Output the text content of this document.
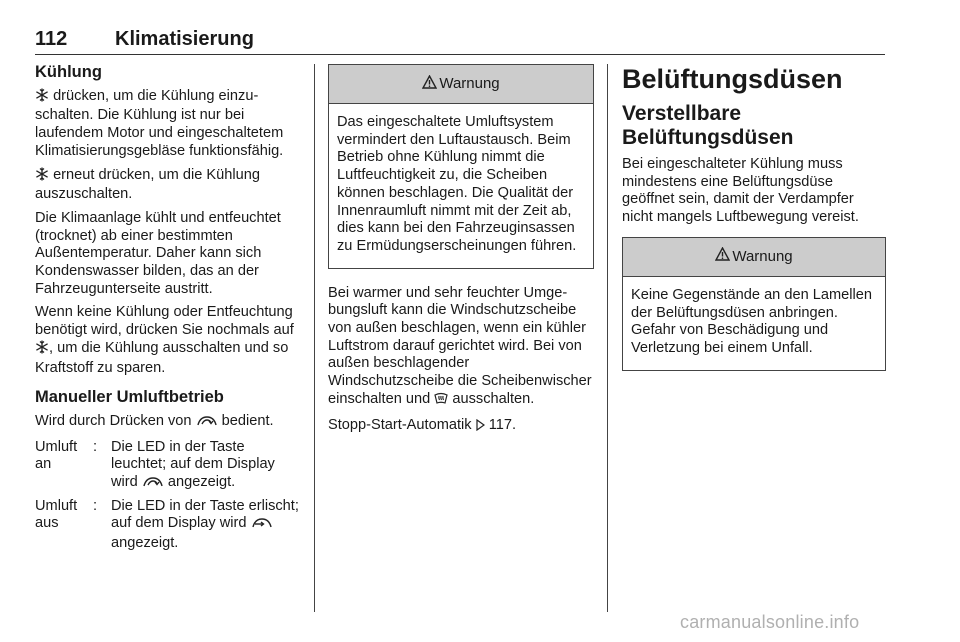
112 Klimatisierung
Kühlung

drücken, um die Kühlung einzuschalten. Die Kühlung ist nur bei laufendem Motor und eingeschaltetem Klimatisierungsgebläse funktionsfähig.

erneut drücken, um die Kühlung auszuschalten.

Die Klimaanlage kühlt und entfeuchtet (trocknet) ab einer bestimmten Außentemperatur. Daher kann sich Kondenswasser bilden, das an der Fahrzeugunterseite austritt.

Wenn keine Kühlung oder Entfeuchtung benötigt wird, drücken Sie nochmals auf , um die Kühlung ausschalten und so Kraftstoff zu sparen.

Manueller Umluftbetrieb

Wird durch Drücken von bedient.

Umluft an
: Die LED in der Taste leuchtet; auf dem Display wird angezeigt.
Umluft aus
: Die LED in der Taste erlischt; auf dem Display wird  angezeigt.
Warnung
Das eingeschaltete Umluftsystem vermindert den Luftaustausch. Beim Betrieb ohne Kühlung nimmt die Luftfeuchtigkeit zu, die Scheiben können beschlagen. Die Qualität der Innenraumluft nimmt mit der Zeit ab, dies kann bei den Fahrzeuginsassen zu Ermüdungserscheinungen führen.

Bei warmer und sehr feuchter Umgebungsluft kann die Windschutzscheibe von außen beschlagen, wenn ein kühler Luftstrom darauf gerichtet wird. Bei von außen beschlagender Windschutzscheibe die Scheibenwischer einschalten und ausschalten.

Stopp-Start-Automatik 117.

Belüftungsdüsen
Verstellbare Belüftungsdüsen

Bei eingeschalteter Kühlung muss mindestens eine Belüftungsdüse geöffnet sein, damit der Verdampfer nicht mangels Luftbewegung vereist.

Warnung
Keine Gegenstände an den Lamellen der Belüftungsdüsen anbringen. Gefahr von Beschädigung und Verletzung bei einem Unfall.
carmanualsonline.info
